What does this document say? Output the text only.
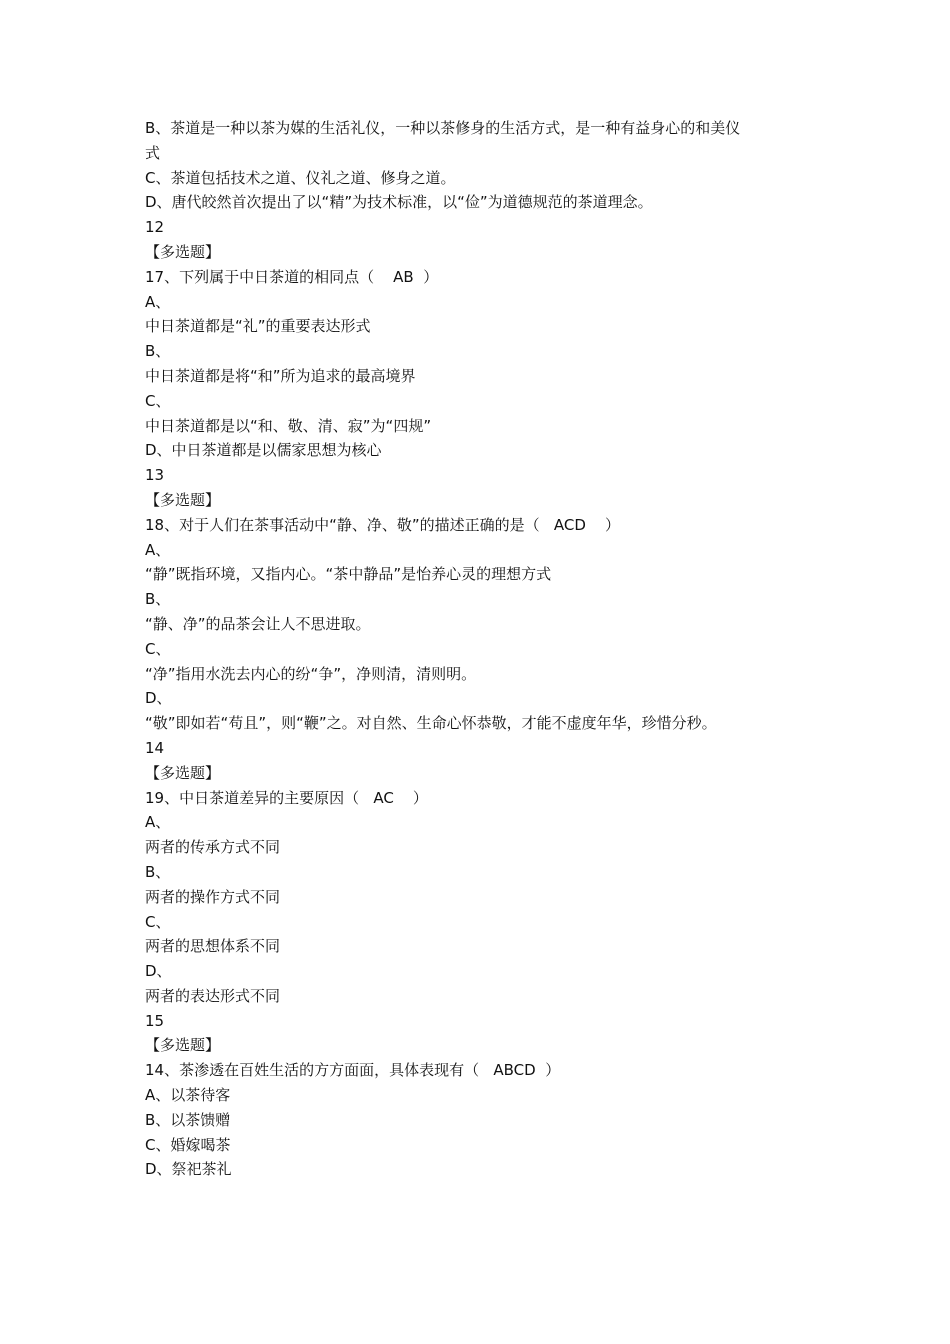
B、茶道是一种以茶为媒的生活礼仪，一种以茶修身的生活方式，是一种有益身心的和美仪
式
C、茶道包括技术之道、仪礼之道、修身之道。
D、唐代皎然首次提出了以“精”为技术标准，以“俭”为道德规范的茶道理念。
12
【多选题】
17、下列属于中日茶道的相同点（    AB  ）
A、
中日茶道都是“礼”的重要表达形式
B、
中日茶道都是将“和”所为追求的最高境界
C、
中日茶道都是以“和、敬、清、寂”为“四规”
D、中日茶道都是以儒家思想为核心
13
【多选题】
18、对于人们在茶事活动中“静、净、敬”的描述正确的是（   ACD    ）
A、
“静”既指环境，又指内心。“茶中静品”是怡养心灵的理想方式
B、
“静、净”的品茶会让人不思进取。
C、
“净”指用水洗去内心的纷“争”，净则清，清则明。
D、
“敬”即如若“苟且”，则“鞭”之。对自然、生命心怀恭敬，才能不虚度年华，珍惜分秒。
14
【多选题】
19、中日茶道差异的主要原因（   AC    ）
A、
两者的传承方式不同
B、
两者的操作方式不同
C、
两者的思想体系不同
D、
两者的表达形式不同
15
【多选题】
14、茶渗透在百姓生活的方方面面，具体表现有（   ABCD  ）
A、以茶待客
B、以茶馈赠
C、婚嫁喝茶
D、祭祀茶礼
